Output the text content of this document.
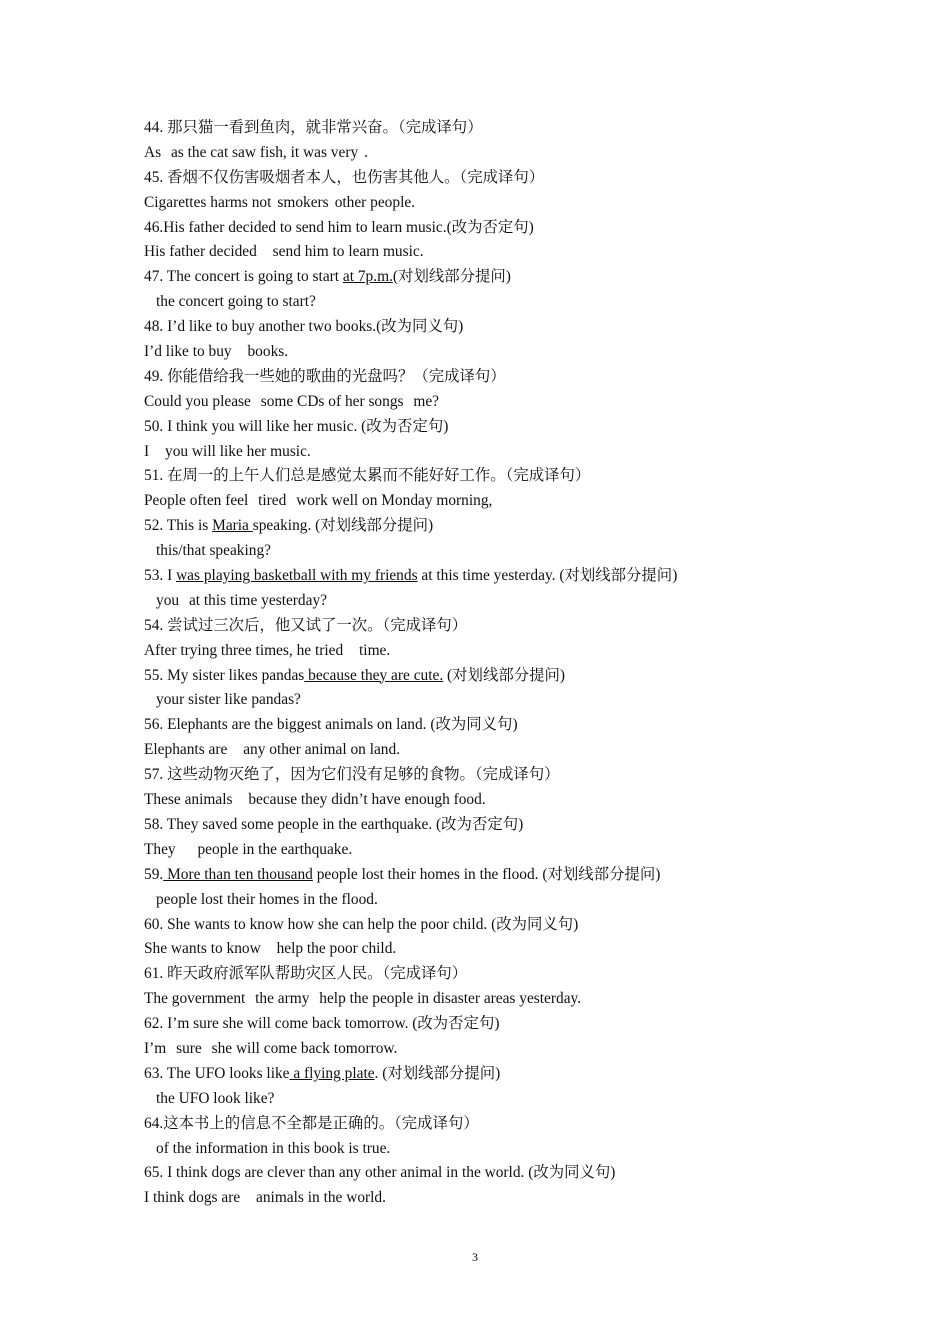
44. 那只猫一看到鱼肉，就非常兴奋。（完成译句）
As as the cat saw fish, it was very .
45. 香烟不仅伤害吸烟者本人，也伤害其他人。（完成译句）
Cigarettes harms not smokers other people.
46.His father decided to send him to learn music.(改为否定句)
His father decided send him to learn music.
47. The concert is going to start at 7p.m.(对划线部分提问)
the concert going to start?
48. I’d like to buy another two books.(改为同义句)
I’d like to buy books.
49. 你能借给我一些她的歌曲的光盘吗？（完成译句）
Could you please some CDs of her songs me?
50. I think you will like her music. (改为否定句)
I you will like her music.
51. 在周一的上午人们总是感觉太累而不能好好工作。（完成译句）
People often feel tired work well on Monday morning,
52. This is Maria speaking. (对划线部分提问)
this/that speaking?
53. I was playing basketball with my friends at this time yesterday. (对划线部分提问)
you at this time yesterday?
54. 尝试过三次后，他又试了一次。（完成译句）
After trying three times, he tried time.
55. My sister likes pandas because they are cute. (对划线部分提问)
your sister like pandas?
56. Elephants are the biggest animals on land. (改为同义句)
Elephants are any other animal on land.
57. 这些动物灭绝了，因为它们没有足够的食物。（完成译句）
These animals because they didn’t have enough food.
58. They saved some people in the earthquake. (改为否定句)
They people in the earthquake.
59. More than ten thousand people lost their homes in the flood. (对划线部分提问)
people lost their homes in the flood.
60. She wants to know how she can help the poor child. (改为同义句)
She wants to know help the poor child.
61. 昨天政府派军队帮助灾区人民。（完成译句）
The government the army help the people in disaster areas yesterday.
62. I’m sure she will come back tomorrow. (改为否定句)
I’m sure she will come back tomorrow.
63. The UFO looks like a flying plate. (对划线部分提问)
the UFO look like?
64.这本书上的信息不全都是正确的。（完成译句）
of the information in this book is true.
65. I think dogs are clever than any other animal in the world. (改为同义句)
I think dogs are animals in the world.
3
